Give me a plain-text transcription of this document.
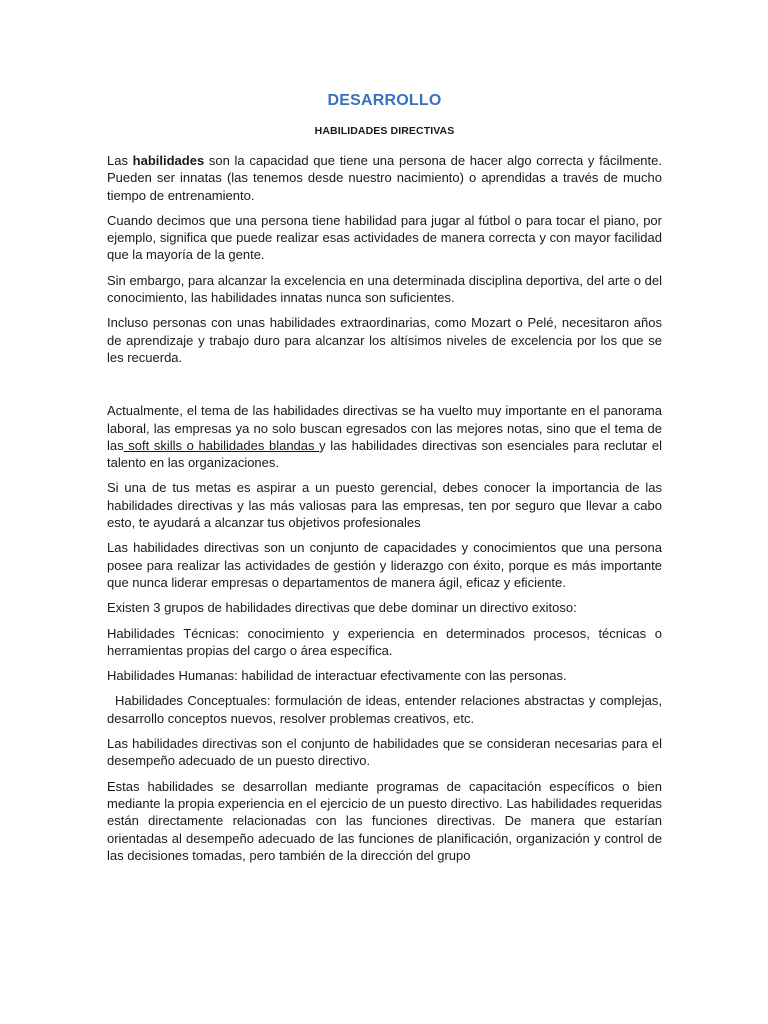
DESARROLLO
HABILIDADES DIRECTIVAS

Las habilidades son la capacidad que tiene una persona de hacer algo correcta y fácilmente. Pueden ser innatas (las tenemos desde nuestro nacimiento) o aprendidas a través de mucho tiempo de entrenamiento.

Cuando decimos que una persona tiene habilidad para jugar al fútbol o para tocar el piano, por ejemplo, significa que puede realizar esas actividades de manera correcta y con mayor facilidad que la mayoría de la gente.

Sin embargo, para alcanzar la excelencia en una determinada disciplina deportiva, del arte o del conocimiento, las habilidades innatas nunca son suficientes.

Incluso personas con unas habilidades extraordinarias, como Mozart o Pelé, necesitaron años de aprendizaje y trabajo duro para alcanzar los altísimos niveles de excelencia por los que se les recuerda.

Actualmente, el tema de las habilidades directivas se ha vuelto muy importante en el panorama laboral, las empresas ya no solo buscan egresados con las mejores notas, sino que el tema de las soft skills o habilidades blandas y las habilidades directivas son esenciales para reclutar el talento en las organizaciones.

Si una de tus metas es aspirar a un puesto gerencial, debes conocer la importancia de las habilidades directivas y las más valiosas para las empresas, ten por seguro que llevar a cabo esto, te ayudará a alcanzar tus objetivos profesionales

Las habilidades directivas son un conjunto de capacidades y conocimientos que una persona posee para realizar las actividades de gestión y liderazgo con éxito, porque es más importante que nunca liderar empresas o departamentos de manera ágil, eficaz y eficiente.

Existen 3 grupos de habilidades directivas que debe dominar un directivo exitoso:

Habilidades Técnicas: conocimiento y experiencia en determinados procesos, técnicas o herramientas propias del cargo o área específica.

Habilidades Humanas: habilidad de interactuar efectivamente con las personas.

Habilidades Conceptuales: formulación de ideas, entender relaciones abstractas y complejas, desarrollo conceptos nuevos, resolver problemas creativos, etc.

Las habilidades directivas son el conjunto de habilidades que se consideran necesarias para el desempeño adecuado de un puesto directivo.

Estas habilidades se desarrollan mediante programas de capacitación específicos o bien mediante la propia experiencia en el ejercicio de un puesto directivo. Las habilidades requeridas están directamente relacionadas con las funciones directivas. De manera que estarían orientadas al desempeño adecuado de las funciones de planificación, organización y control de las decisiones tomadas, pero también de la dirección del grupo
